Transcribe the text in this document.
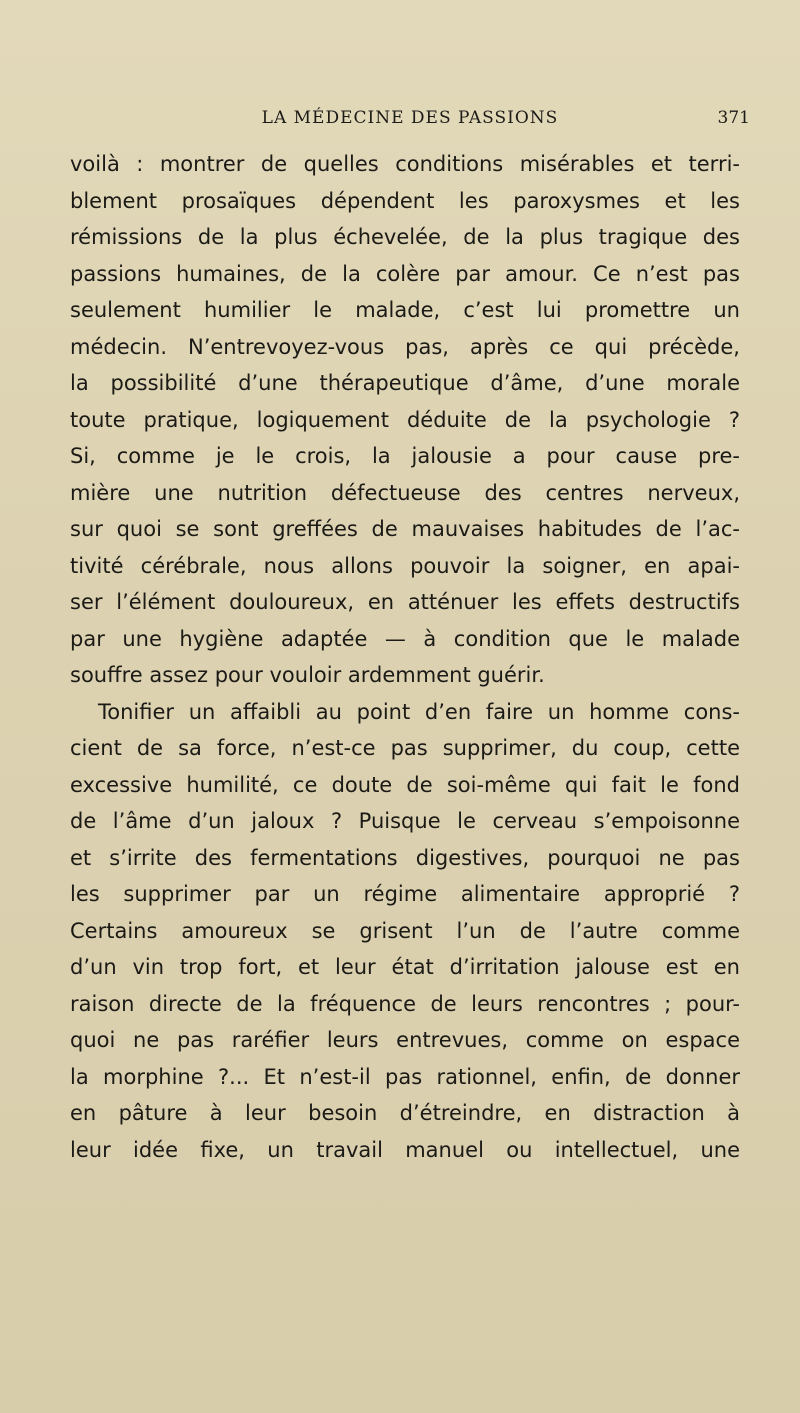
LA MÉDECINE DES PASSIONS	371
voilà : montrer de quelles conditions misérables et terri-
blement prosaïques dépendent les paroxysmes et les
rémissions de la plus échevelée, de la plus tragique des
passions humaines, de la colère par amour. Ce n’est pas
seulement humilier le malade, c’est lui promettre un
médecin. N’entrevoyez-vous pas, après ce qui précède,
la possibilité d’une thérapeutique d’âme, d’une morale
toute pratique, logiquement déduite de la psychologie ?
Si, comme je le crois, la jalousie a pour cause pre-
mière une nutrition défectueuse des centres nerveux,
sur quoi se sont greffées de mauvaises habitudes de l’ac-
tivité cérébrale, nous allons pouvoir la soigner, en apai-
ser l’élément douloureux, en atténuer les effets destructifs
par une hygiène adaptée — à condition que le malade
souffre assez pour vouloir ardemment guérir.
Tonifier un affaibli au point d’en faire un homme cons-
cient de sa force, n’est-ce pas supprimer, du coup, cette
excessive humilité, ce doute de soi-même qui fait le fond
de l’âme d’un jaloux ? Puisque le cerveau s’empoisonne
et s’irrite des fermentations digestives, pourquoi ne pas
les supprimer par un régime alimentaire approprié ?
Certains amoureux se grisent l’un de l’autre comme
d’un vin trop fort, et leur état d’irritation jalouse est en
raison directe de la fréquence de leurs rencontres ; pour-
quoi ne pas raréfier leurs entrevues, comme on espace
la morphine ?... Et n’est-il pas rationnel, enfin, de donner
en pâture à leur besoin d’étreindre, en distraction à
leur idée fixe, un travail manuel ou intellectuel, une
